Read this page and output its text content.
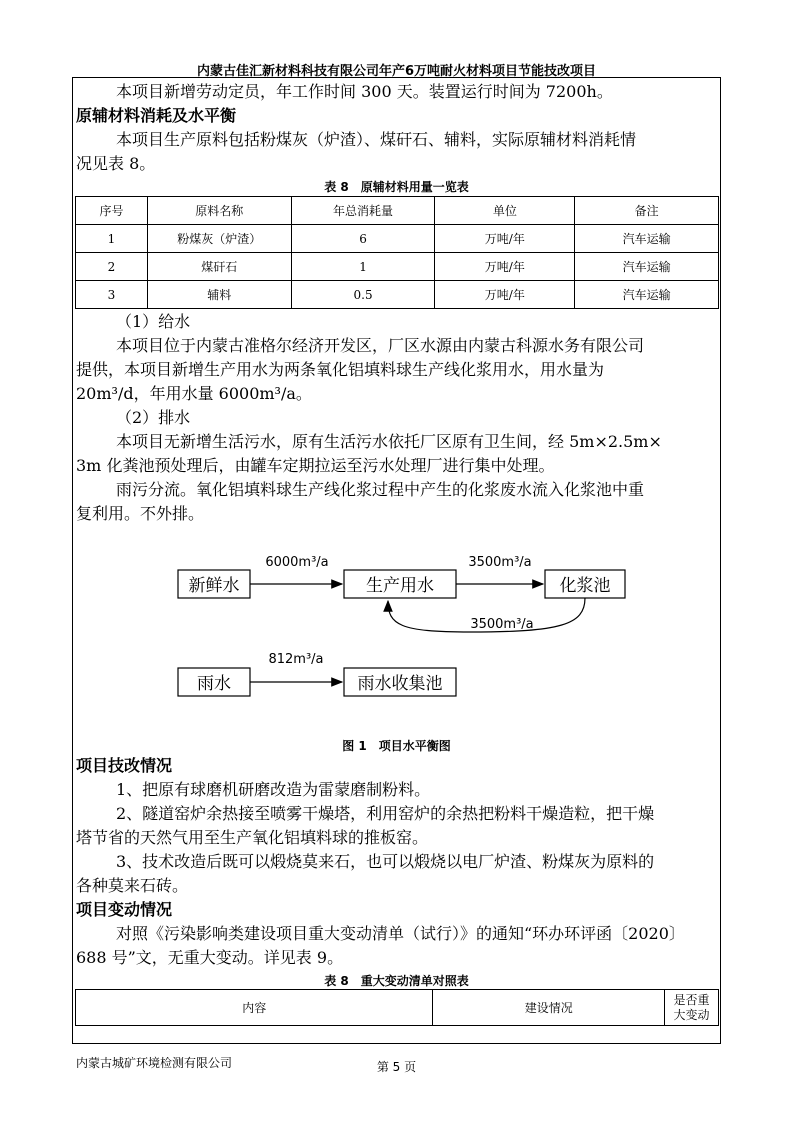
内蒙古佳汇新材料科技有限公司年产6万吨耐火材料项目节能技改项目
本项目新增劳动定员，年工作时间 300 天。装置运行时间为 7200h。
原辅材料消耗及水平衡
本项目生产原料包括粉煤灰（炉渣）、煤矸石、辅料，实际原辅材料消耗情
况见表 8。
表 8　原辅材料用量一览表
序号	原料名称	年总消耗量	单位	备注
1	粉煤灰（炉渣）	6	万吨/年	汽车运输
2	煤矸石	1	万吨/年	汽车运输
3	辅料	0.5	万吨/年	汽车运输
（1）给水
本项目位于内蒙古准格尔经济开发区，厂区水源由内蒙古科源水务有限公司
提供，本项目新增生产用水为两条氧化铝填料球生产线化浆用水，用水量为
20m³/d，年用水量 6000m³/a。
（2）排水
本项目无新增生活污水，原有生活污水依托厂区原有卫生间，经 5m×2.5m×
3m 化粪池预处理后，由罐车定期拉运至污水处理厂进行集中处理。
雨污分流。氧化铝填料球生产线化浆过程中产生的化浆废水流入化浆池中重
复利用。不外排。
新鲜水	生产用水	化浆池
雨水	雨水收集池
6000m³/a	3500m³/a
3500m³/a
812m³/a
图 1　项目水平衡图
项目技改情况
1、把原有球磨机研磨改造为雷蒙磨制粉料。
2、隧道窑炉余热接至喷雾干燥塔，利用窑炉的余热把粉料干燥造粒，把干燥
塔节省的天然气用至生产氧化铝填料球的推板窑。
3、技术改造后既可以煅烧莫来石，也可以煅烧以电厂炉渣、粉煤灰为原料的
各种莫来石砖。
项目变动情况
对照《污染影响类建设项目重大变动清单（试行）》的通知“环办环评函〔2020〕
688 号”文，无重大变动。详见表 9。
表 8　重大变动清单对照表
内容	建设情况	是否重大变动
内蒙古城矿环境检测有限公司	第 5 页
